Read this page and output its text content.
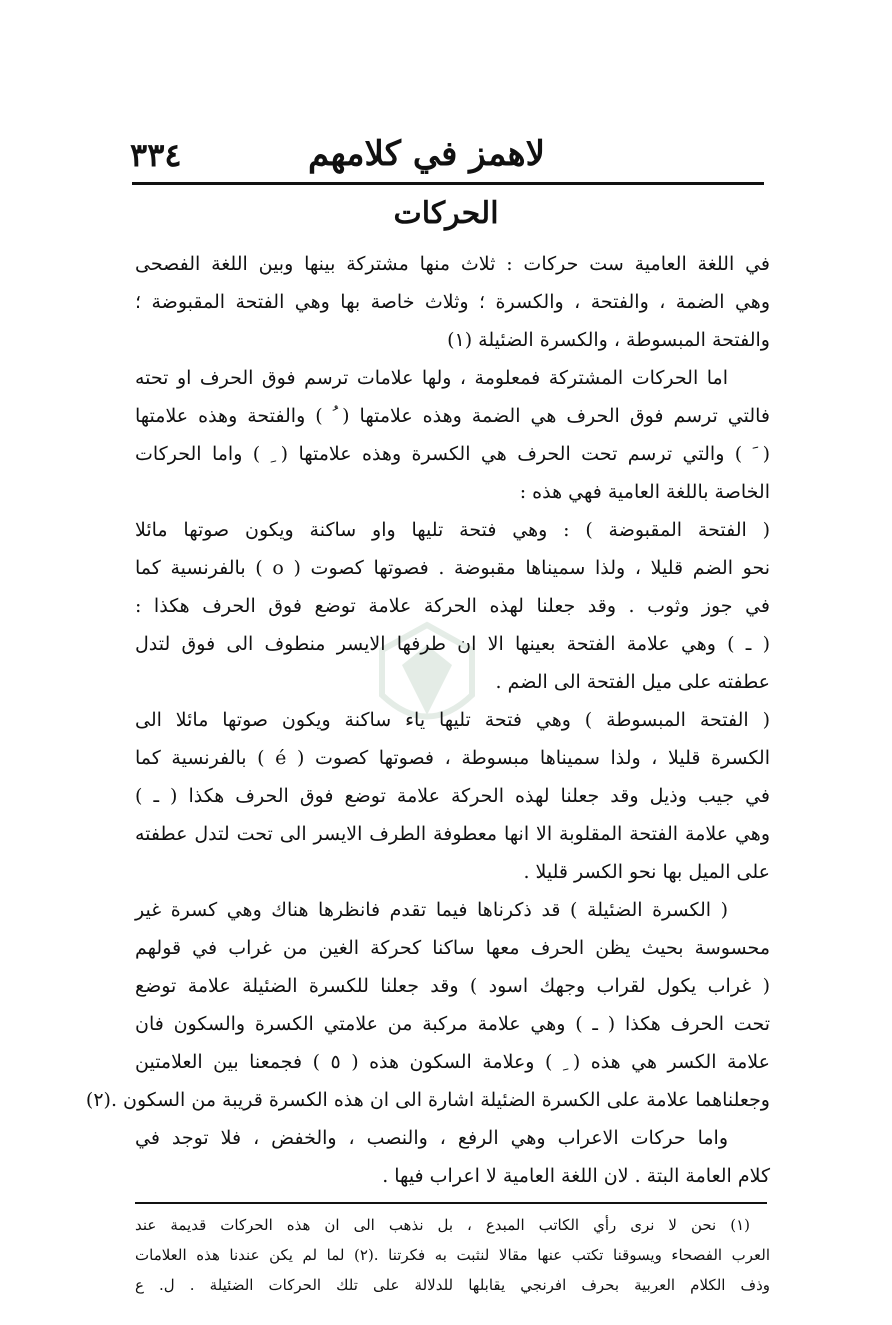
لاهمز في كلامهم
٣٣٤
الحركات
في اللغة العامية ست حركات : ثلاث منها مشتركة بينها وبين اللغة الفصحى
وهي الضمة ، والفتحة ، والكسرة ؛ وثلاث خاصة بها وهي الفتحة المقبوضة ؛
والفتحة المبسوطة ، والكسرة الضئيلة (١)
اما الحركات المشتركة فمعلومة ، ولها علامات ترسم فوق الحرف او تحته
فالتي ترسم فوق الحرف هي الضمة وهذه علامتها ( ُ ) والفتحة وهذه علامتها
( َ ) والتي ترسم تحت الحرف هي الكسرة وهذه علامتها ( ِ ) واما الحركات
الخاصة باللغة العامية فهي هذه :
( الفتحة المقبوضة ) : وهي فتحة تليها واو ساكنة ويكون صوتها مائلا
نحو الضم قليلا ، ولذا سميناها مقبوضة . فصوتها كصوت ( o ) بالفرنسية كما
في جوز وثوب . وقد جعلنا لهذه الحركة علامة توضع فوق الحرف هكذا :
( ـ ) وهي علامة الفتحة بعينها الا ان طرفها الايسر منطوف الى فوق لتدل
عطفته على ميل الفتحة الى الضم .
( الفتحة المبسوطة ) وهي فتحة تليها ياء ساكنة ويكون صوتها مائلا الى
الكسرة قليلا ، ولذا سميناها مبسوطة ، فصوتها كصوت ( é ) بالفرنسية كما
في جيب وذيل وقد جعلنا لهذه الحركة علامة توضع فوق الحرف هكذا ( ـ )
وهي علامة الفتحة المقلوبة الا انها معطوفة الطرف الايسر الى تحت لتدل عطفته
على الميل بها نحو الكسر قليلا .
( الكسرة الضئيلة ) قد ذكرناها فيما تقدم فانظرها هناك وهي كسرة غير
محسوسة بحيث يظن الحرف معها ساكنا كحركة الغين من غراب في قولهم
( غراب يكول لقراب وجهك اسود ) وقد جعلنا للكسرة الضئيلة علامة توضع
تحت الحرف هكذا ( ـ ) وهي علامة مركبة من علامتي الكسرة والسكون فان
علامة الكسر هي هذه ( ِ ) وعلامة السكون هذه ( ٥ ) فجمعنا بين العلامتين
وجعلناهما علامة على الكسرة الضئيلة اشارة الى ان هذه الكسرة قريبة من السكون .(٢)
واما حركات الاعراب وهي الرفع ، والنصب ، والخفض ، فلا توجد في
كلام العامة البتة . لان اللغة العامية لا اعراب فيها .
(١) نحن لا نرى رأي الكاتب المبدع ، بل نذهب الى ان هذه الحركات قديمة عند
العرب الفصحاء ويسوقنا تكتب عنها مقالا لنثبت به فكرتنا .(٢) لما لم يكن عندنا هذه العلامات
وذف الكلام العربية بحرف افرنجي يقابلها للدلالة على تلك الحركات الضئيلة . ل. ع
